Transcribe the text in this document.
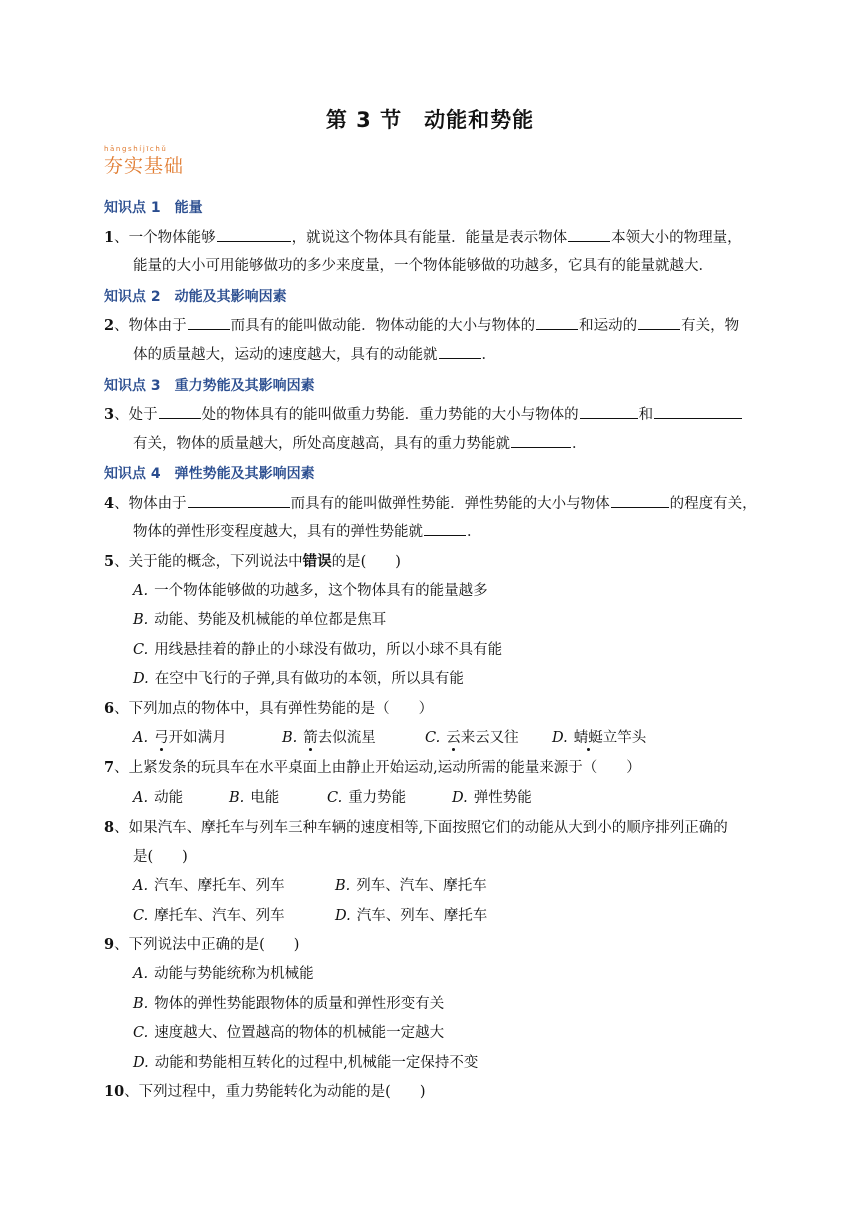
第 3 节　动能和势能
hāngshíjīchǔ
夯实基础
知识点 1 能量
1、一个物体能够	，就说这个物体具有能量．能量是表示物体	本领大小的物理量，
能量的大小可用能够做功的多少来度量，一个物体能够做的功越多，它具有的能量就越大．
知识点 2 动能及其影响因素
2、物体由于	而具有的能叫做动能．物体动能的大小与物体的	和运动的	有关，物
体的质量越大，运动的速度越大，具有的动能就	．
知识点 3 重力势能及其影响因素
3、处于	处的物体具有的能叫做重力势能．重力势能的大小与物体的	和
有关，物体的质量越大，所处高度越高，具有的重力势能就	．
知识点 4 弹性势能及其影响因素
4、物体由于	而具有的能叫做弹性势能．弹性势能的大小与物体	的程度有关，
物体的弹性形变程度越大，具有的弹性势能就	．
5、关于能的概念，下列说法中错误的是(　　)
A. 一个物体能够做的功越多，这个物体具有的能量越多
B. 动能、势能及机械能的单位都是焦耳
C. 用线悬挂着的静止的小球没有做功，所以小球不具有能
D. 在空中飞行的子弹,具有做功的本领，所以具有能
6、下列加点的物体中，具有弹性势能的是（　　）
A. 弓开如满月	B. 箭去似流星	C. 云来云又往 D. 蜻蜓立竿头
7、上紧发条的玩具车在水平桌面上由静止开始运动,运动所需的能量来源于（　　）
A. 动能	B. 电能	C. 重力势能	D. 弹性势能
8、如果汽车、摩托车与列车三种车辆的速度相等,下面按照它们的动能从大到小的顺序排列正确的
是(　　)
A. 汽车、摩托车、列车	B. 列车、汽车、摩托车
C. 摩托车、汽车、列车	D. 汽车、列车、摩托车
9、下列说法中正确的是(　　)
A. 动能与势能统称为机械能
B. 物体的弹性势能跟物体的质量和弹性形变有关
C. 速度越大、位置越高的物体的机械能一定越大
D. 动能和势能相互转化的过程中,机械能一定保持不变
10、下列过程中，重力势能转化为动能的是(　　)
